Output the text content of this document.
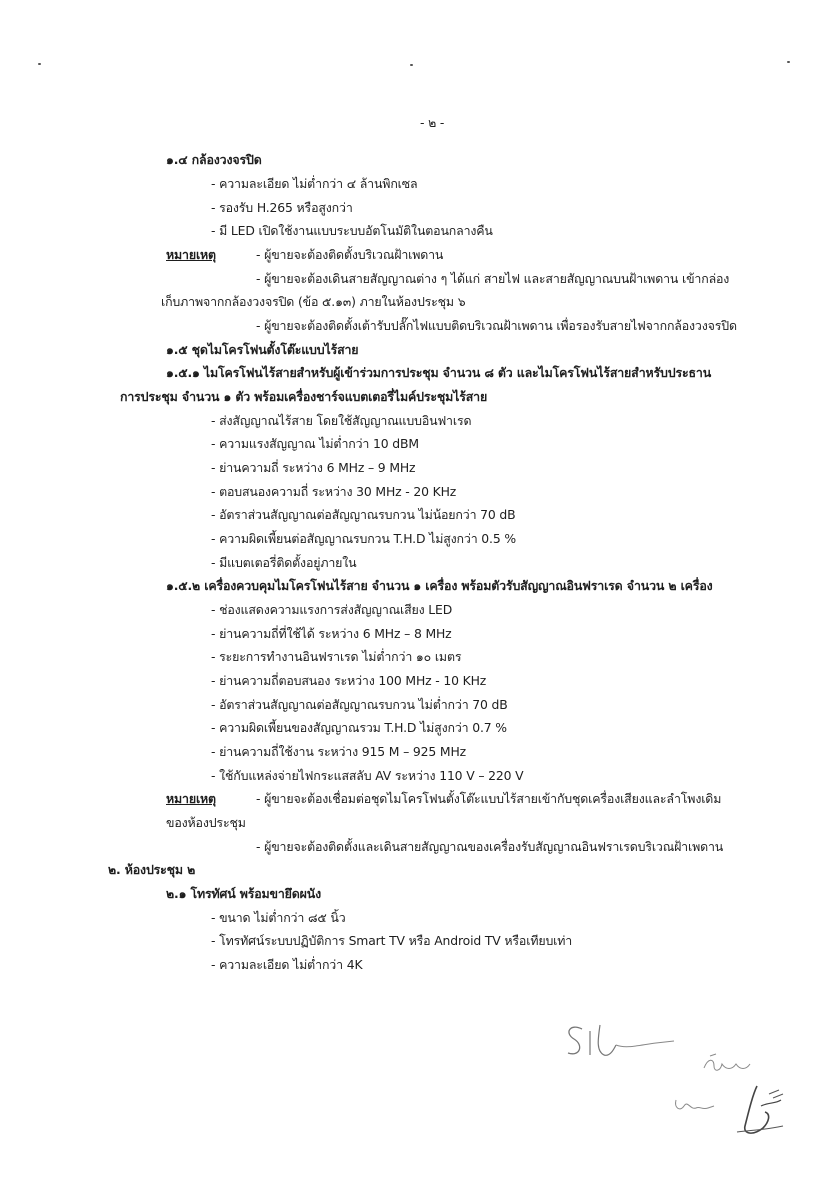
- ๒ -
๑.๔ กล้องวงจรปิด
- ความละเอียด ไม่ต่ำกว่า ๔ ล้านพิกเซล
- รองรับ H.265 หรือสูงกว่า
- มี LED เปิดใช้งานแบบระบบอัตโนมัติในตอนกลางคืน
หมายเหตุ	- ผู้ขายจะต้องติดตั้งบริเวณฝ้าเพดาน
- ผู้ขายจะต้องเดินสายสัญญาณต่าง ๆ ได้แก่ สายไฟ และสายสัญญาณบนฝ้าเพดาน เข้ากล่อง
เก็บภาพจากกล้องวงจรปิด (ข้อ ๕.๑๓) ภายในห้องประชุม ๖
- ผู้ขายจะต้องติดตั้งเต้ารับปลั๊กไฟแบบติดบริเวณฝ้าเพดาน เพื่อรองรับสายไฟจากกล้องวงจรปิด
๑.๕ ชุดไมโครโฟนตั้งโต๊ะแบบไร้สาย
๑.๕.๑ ไมโครโฟนไร้สายสำหรับผู้เข้าร่วมการประชุม จำนวน ๘ ตัว และไมโครโฟนไร้สายสำหรับประธาน
การประชุม จำนวน ๑ ตัว พร้อมเครื่องชาร์จแบตเตอรี่ไมค์ประชุมไร้สาย
- ส่งสัญญาณไร้สาย โดยใช้สัญญาณแบบอินฟาเรด
- ความแรงสัญญาณ ไม่ต่ำกว่า 10 dBM
- ย่านความถี่ ระหว่าง 6 MHz – 9 MHz
- ตอบสนองความถี่ ระหว่าง 30 MHz - 20 KHz
- อัตราส่วนสัญญาณต่อสัญญาณรบกวน ไม่น้อยกว่า 70 dB
- ความผิดเพี้ยนต่อสัญญาณรบกวน T.H.D ไม่สูงกว่า 0.5 %
- มีแบตเตอรี่ติดตั้งอยู่ภายใน
๑.๕.๒ เครื่องควบคุมไมโครโฟนไร้สาย จำนวน ๑ เครื่อง พร้อมตัวรับสัญญาณอินฟราเรด จำนวน ๒ เครื่อง
- ช่องแสดงความแรงการส่งสัญญาณเสียง LED
- ย่านความถี่ที่ใช้ได้ ระหว่าง 6 MHz – 8 MHz
- ระยะการทำงานอินฟราเรด ไม่ต่ำกว่า ๑๐ เมตร
- ย่านความถี่ตอบสนอง ระหว่าง 100 MHz - 10 KHz
- อัตราส่วนสัญญาณต่อสัญญาณรบกวน ไม่ต่ำกว่า 70 dB
- ความผิดเพี้ยนของสัญญาณรวม T.H.D ไม่สูงกว่า 0.7 %
- ย่านความถี่ใช้งาน ระหว่าง 915 M – 925 MHz
- ใช้กับแหล่งจ่ายไฟกระแสสลับ AV ระหว่าง 110 V – 220 V
หมายเหตุ	- ผู้ขายจะต้องเชื่อมต่อชุดไมโครโฟนตั้งโต๊ะแบบไร้สายเข้ากับชุดเครื่องเสียงและลำโพงเดิม
ของห้องประชุม
- ผู้ขายจะต้องติดตั้งและเดินสายสัญญาณของเครื่องรับสัญญาณอินฟราเรดบริเวณฝ้าเพดาน
๒. ห้องประชุม ๒
๒.๑ โทรทัศน์ พร้อมขายึดผนัง
- ขนาด ไม่ต่ำกว่า ๘๕ นิ้ว
- โทรทัศน์ระบบปฏิบัติการ Smart TV หรือ Android TV หรือเทียบเท่า
- ความละเอียด ไม่ต่ำกว่า 4K
